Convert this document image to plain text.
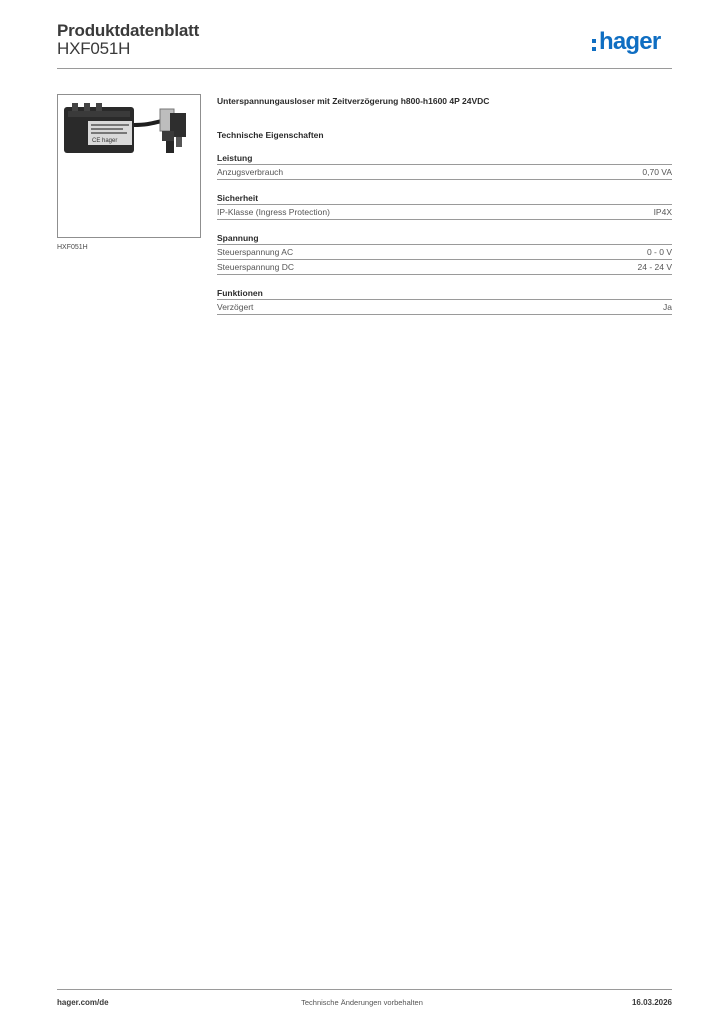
Produktdatenblatt
HXF051H	hager
CE hager
HXF051H
Unterspannungausloser mit Zeitverzögerung h800-h1600 4P 24VDC
Technische Eigenschaften
Leistung
Anzugsverbrauch	0,70 VA
Sicherheit
IP-Klasse (Ingress Protection)	IP4X
Spannung
Steuerspannung AC	0 - 0 V
Steuerspannung DC	24 - 24 V
Funktionen
Verzögert	Ja
hager.com/de	Technische Änderungen vorbehalten	16.03.2026
